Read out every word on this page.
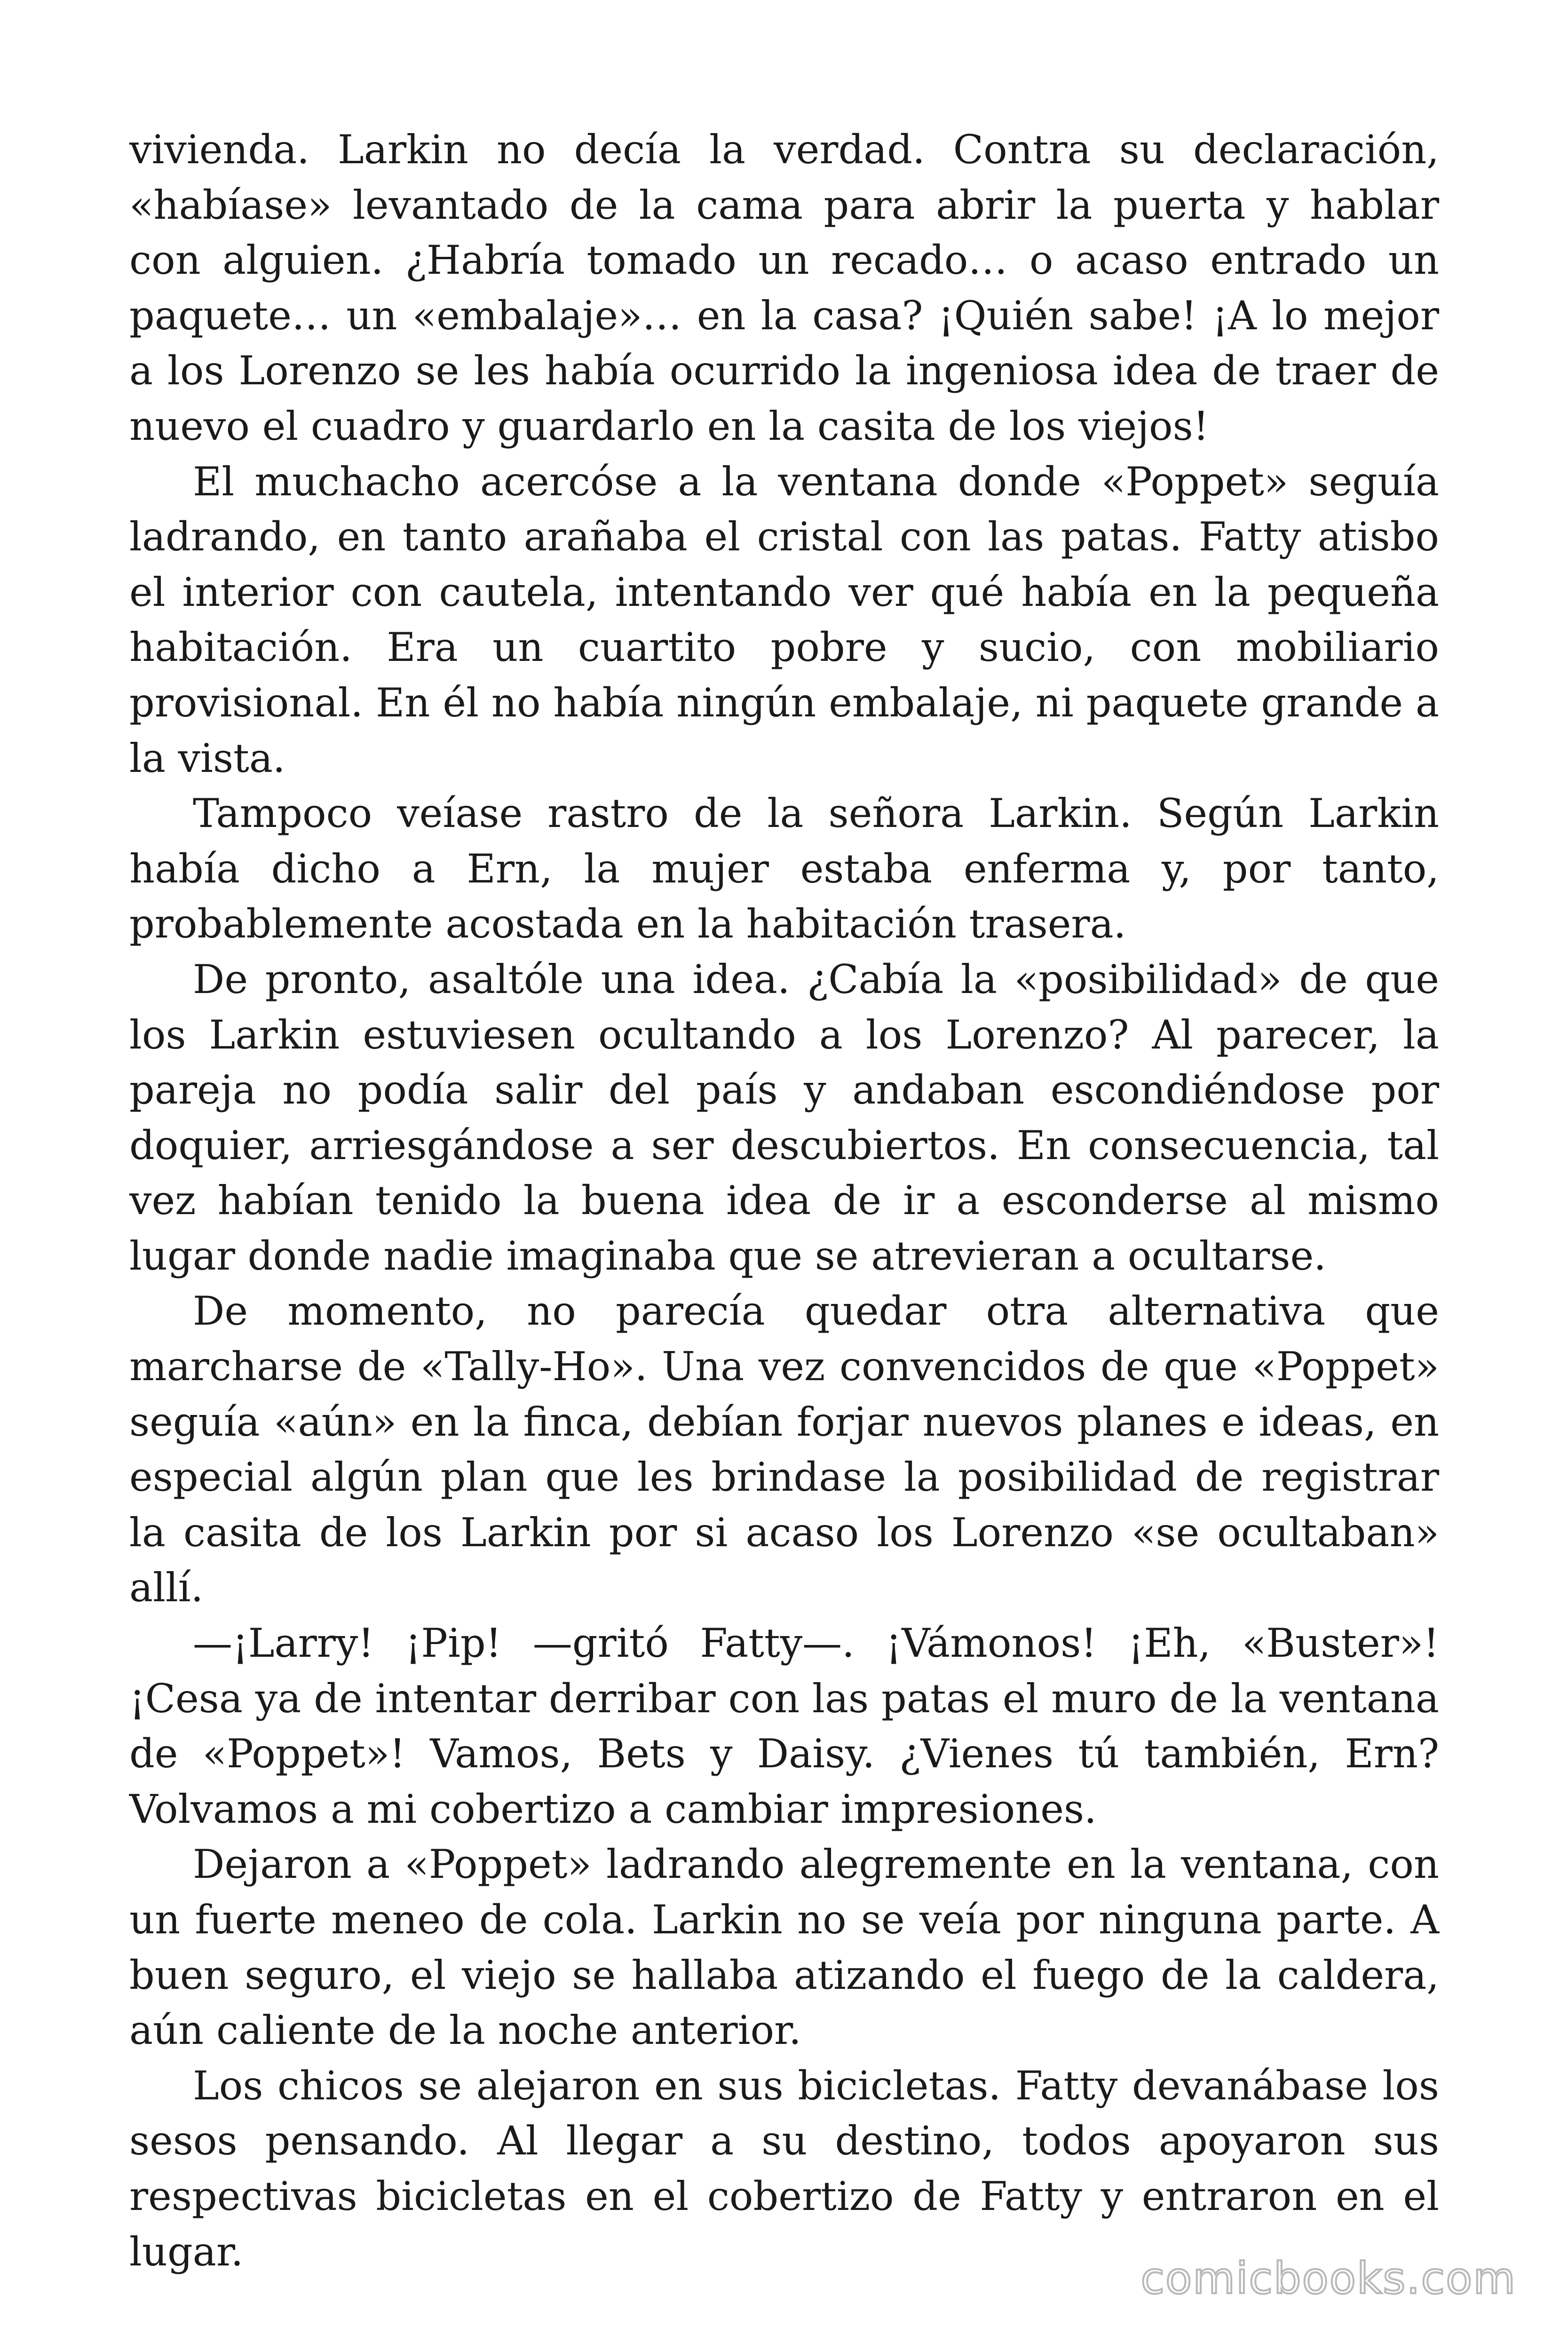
vivienda. Larkin no decía la verdad. Contra su declaración, «habíase» levantado de la cama para abrir la puerta y hablar con alguien. ¿Habría tomado un recado… o acaso entrado un paquete… un «embalaje»… en la casa? ¡Quién sabe! ¡A lo mejor a los Lorenzo se les había ocurrido la ingeniosa idea de traer de nuevo el cuadro y guardarlo en la casita de los viejos!

El muchacho acercóse a la ventana donde «Poppet» seguía ladrando, en tanto arañaba el cristal con las patas. Fatty atisbo el interior con cautela, intentando ver qué había en la pequeña habitación. Era un cuartito pobre y sucio, con mobiliario provisional. En él no había ningún embalaje, ni paquete grande a la vista.

Tampoco veíase rastro de la señora Larkin. Según Larkin había dicho a Ern, la mujer estaba enferma y, por tanto, probablemente acostada en la habitación trasera.

De pronto, asaltóle una idea. ¿Cabía la «posibilidad» de que los Larkin estuviesen ocultando a los Lorenzo? Al parecer, la pareja no podía salir del país y andaban escondiéndose por doquier, arriesgándose a ser descubiertos. En consecuencia, tal vez habían tenido la buena idea de ir a esconderse al mismo lugar donde nadie imaginaba que se atrevieran a ocultarse.

De momento, no parecía quedar otra alternativa que marcharse de «Tally-Ho». Una vez convencidos de que «Poppet» seguía «aún» en la finca, debían forjar nuevos planes e ideas, en especial algún plan que les brindase la posibilidad de registrar la casita de los Larkin por si acaso los Lorenzo «se ocultaban» allí.

—¡Larry! ¡Pip! —gritó Fatty—. ¡Vámonos! ¡Eh, «Buster»! ¡Cesa ya de intentar derribar con las patas el muro de la ventana de «Poppet»! Vamos, Bets y Daisy. ¿Vienes tú también, Ern? Volvamos a mi cobertizo a cambiar impresiones.

Dejaron a «Poppet» ladrando alegremente en la ventana, con un fuerte meneo de cola. Larkin no se veía por ninguna parte. A buen seguro, el viejo se hallaba atizando el fuego de la caldera, aún caliente de la noche anterior.

Los chicos se alejaron en sus bicicletas. Fatty devanábase los sesos pensando. Al llegar a su destino, todos apoyaron sus respectivas bicicletas en el cobertizo de Fatty y entraron en el lugar.

comicbooks.com
